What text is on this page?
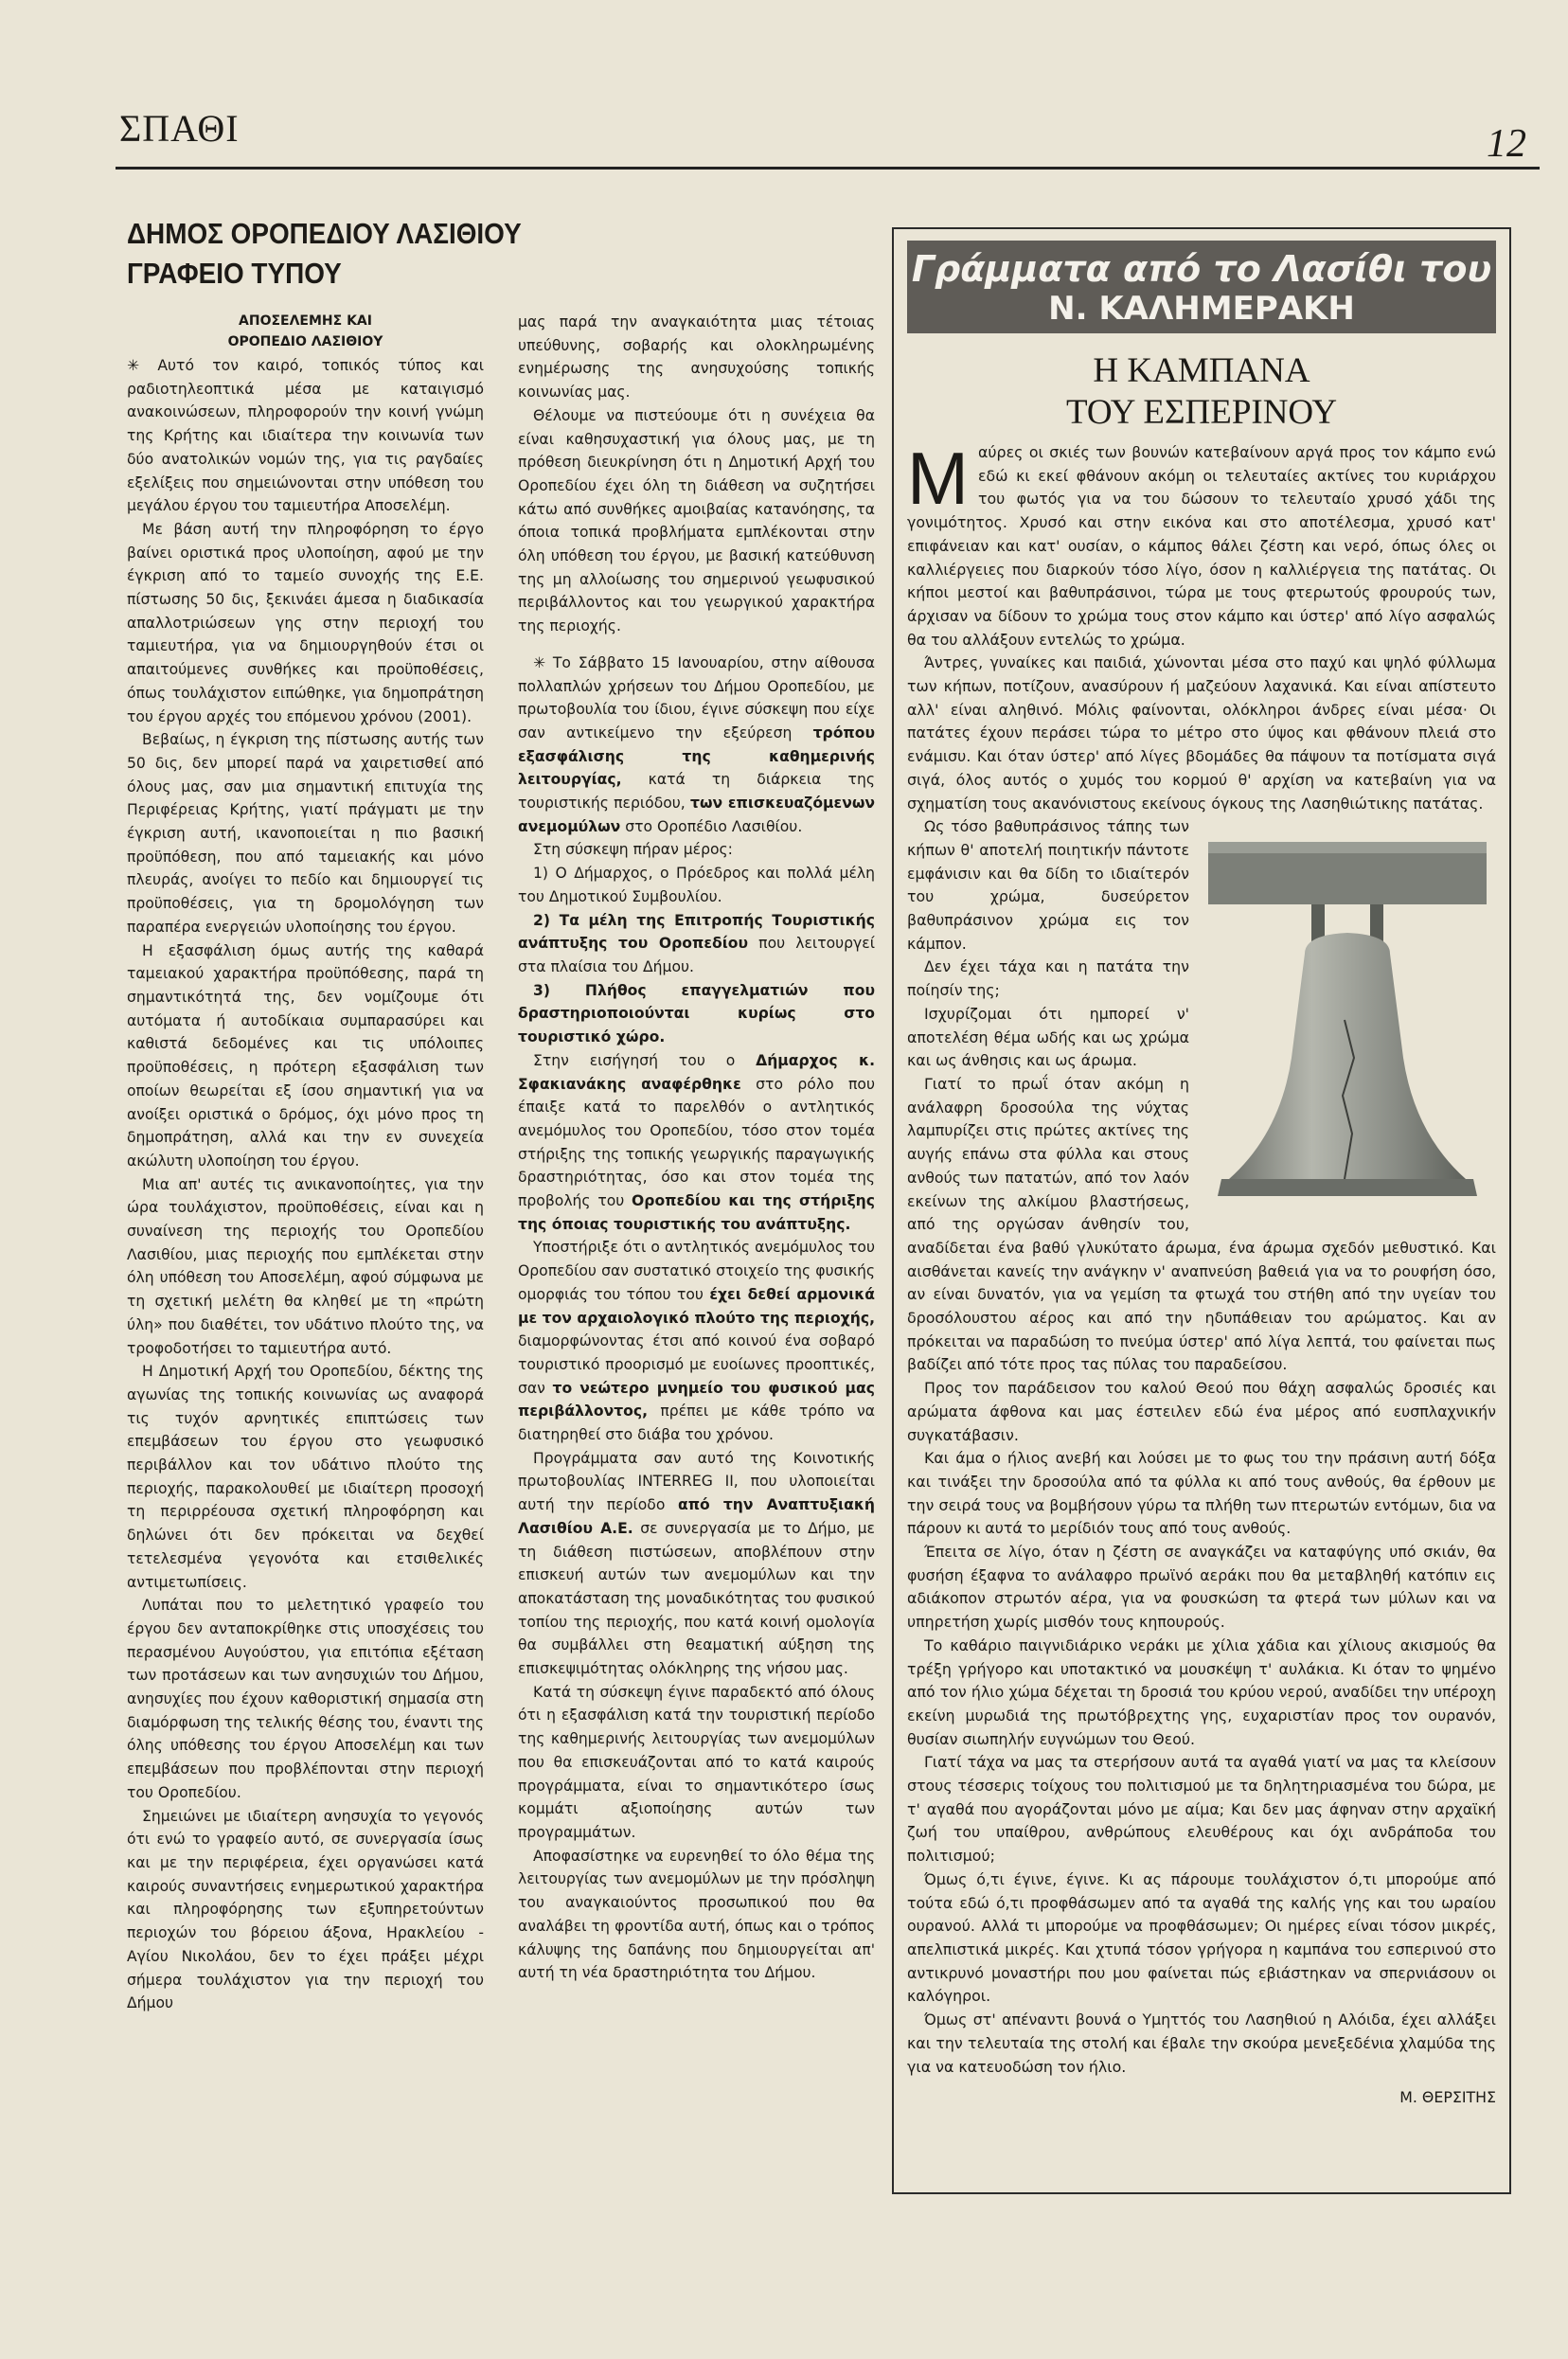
ΣΠΑΘΙ	12
ΔΗΜΟΣ ΟΡΟΠΕΔΙΟΥ ΛΑΣΙΘΙΟΥ
ΓΡΑΦΕΙΟ ΤΥΠΟΥ
ΑΠΟΣΕΛΕΜΗΣ ΚΑΙ
ΟΡΟΠΕΔΙΟ ΛΑΣΙΘΙΟΥ

✳ Αυτό τον καιρό, τοπικός τύπος και ραδιοτηλεοπτικά μέσα με καταιγισμό ανακοινώσεων, πληροφορούν την κοινή γνώμη της Κρήτης και ιδιαίτερα την κοινωνία των δύο ανατολικών νομών της, για τις ραγδαίες εξελίξεις που σημειώνονται στην υπόθεση του μεγάλου έργου του ταμιευτήρα Αποσελέμη.

Με βάση αυτή την πληροφόρηση το έργο βαίνει οριστικά προς υλοποίηση, αφού με την έγκριση από το ταμείο συνοχής της Ε.Ε. πίστωσης 50 δις, ξεκινάει άμεσα η διαδικασία απαλλοτριώσεων γης στην περιοχή του ταμιευτήρα, για να δημιουργηθούν έτσι οι απαιτούμενες συνθήκες και προϋποθέσεις, όπως τουλάχιστον ειπώθηκε, για δημοπράτηση του έργου αρχές του επόμενου χρόνου (2001).

Βεβαίως, η έγκριση της πίστωσης αυτής των 50 δις, δεν μπορεί παρά να χαιρετισθεί από όλους μας, σαν μια σημαντική επιτυχία της Περιφέρειας Κρήτης, γιατί πράγματι με την έγκριση αυτή, ικανοποιείται η πιο βασική προϋπόθεση, που από ταμειακής και μόνο πλευράς, ανοίγει το πεδίο και δημιουργεί τις προϋποθέσεις, για τη δρομολόγηση των παραπέρα ενεργειών υλοποίησης του έργου.

Η εξασφάλιση όμως αυτής της καθαρά ταμειακού χαρακτήρα προϋπόθεσης, παρά τη σημαντικότητά της, δεν νομίζουμε ότι αυτόματα ή αυτοδίκαια συμπαρασύρει και καθιστά δεδομένες και τις υπόλοιπες προϋποθέσεις, η πρότερη εξασφάλιση των οποίων θεωρείται εξ ίσου σημαντική για να ανοίξει οριστικά ο δρόμος, όχι μόνο προς τη δημοπράτηση, αλλά και την εν συνεχεία ακώλυτη υλοποίηση του έργου.

Μια απ' αυτές τις ανικανοποίητες, για την ώρα τουλάχιστον, προϋποθέσεις, είναι και η συναίνεση της περιοχής του Οροπεδίου Λασιθίου, μιας περιοχής που εμπλέκεται στην όλη υπόθεση του Αποσελέμη, αφού σύμφωνα με τη σχετική μελέτη θα κληθεί με τη «πρώτη ύλη» που διαθέτει, τον υδάτινο πλούτο της, να τροφοδοτήσει το ταμιευτήρα αυτό.

Η Δημοτική Αρχή του Οροπεδίου, δέκτης της αγωνίας της τοπικής κοινωνίας ως αναφορά τις τυχόν αρνητικές επιπτώσεις των επεμβάσεων του έργου στο γεωφυσικό περιβάλλον και τον υδάτινο πλούτο της περιοχής, παρακολουθεί με ιδιαίτερη προσοχή τη περιρρέουσα σχετική πληροφόρηση και δηλώνει ότι δεν πρόκειται να δεχθεί τετελεσμένα γεγονότα και ετσιθελικές αντιμετωπίσεις.

Λυπάται που το μελετητικό γραφείο του έργου δεν ανταποκρίθηκε στις υποσχέσεις του περασμένου Αυγούστου, για επιτόπια εξέταση των προτάσεων και των ανησυχιών του Δήμου, ανησυχίες που έχουν καθοριστική σημασία στη διαμόρφωση της τελικής θέσης του, έναντι της όλης υπόθεσης του έργου Αποσελέμη και των επεμβάσεων που προβλέπονται στην περιοχή του Οροπεδίου.

Σημειώνει με ιδιαίτερη ανησυχία το γεγονός ότι ενώ το γραφείο αυτό, σε συνεργασία ίσως και με την περιφέρεια, έχει οργανώσει κατά καιρούς συναντήσεις ενημερωτικού χαρακτήρα και πληροφόρησης των εξυπηρετούντων περιοχών του βόρειου άξονα, Ηρακλείου - Αγίου Νικολάου, δεν το έχει πράξει μέχρι σήμερα τουλάχιστον για την περιοχή του Δήμου

μας παρά την αναγκαιότητα μιας τέτοιας υπεύθυνης, σοβαρής και ολοκληρωμένης ενημέρωσης της ανησυχούσης τοπικής κοινωνίας μας.

Θέλουμε να πιστεύουμε ότι η συνέχεια θα είναι καθησυχαστική για όλους μας, με τη πρόθεση διευκρίνηση ότι η Δημοτική Αρχή του Οροπεδίου έχει όλη τη διάθεση να συζητήσει κάτω από συνθήκες αμοιβαίας κατανόησης, τα όποια τοπικά προβλήματα εμπλέκονται στην όλη υπόθεση του έργου, με βασική κατεύθυνση της μη αλλοίωσης του σημερινού γεωφυσικού περιβάλλοντος και του γεωργικού χαρακτήρα της περιοχής.

✳ Το Σάββατο 15 Ιανουαρίου, στην αίθουσα πολλαπλών χρήσεων του Δήμου Οροπεδίου, με πρωτοβουλία του ίδιου, έγινε σύσκεψη που είχε σαν αντικείμενο την εξεύρεση τρόπου εξασφάλισης της καθημερινής λειτουργίας, κατά τη διάρκεια της τουριστικής περιόδου, των επισκευαζόμενων ανεμομύλων στο Οροπέδιο Λασιθίου.

Στη σύσκεψη πήραν μέρος:

1) Ο Δήμαρχος, ο Πρόεδρος και πολλά μέλη του Δημοτικού Συμβουλίου.

2) Τα μέλη της Επιτροπής Τουριστικής ανάπτυξης του Οροπεδίου που λειτουργεί στα πλαίσια του Δήμου.

3) Πλήθος επαγγελματιών που δραστηριοποιούνται κυρίως στο τουριστικό χώρο.

Στην εισήγησή του ο Δήμαρχος κ. Σφακιανάκης αναφέρθηκε στο ρόλο που έπαιξε κατά το παρελθόν ο αντλητικός ανεμόμυλος του Οροπεδίου, τόσο στον τομέα στήριξης της τοπικής γεωργικής παραγωγικής δραστηριότητας, όσο και στον τομέα της προβολής του Οροπεδίου και της στήριξης της όποιας τουριστικής του ανάπτυξης.

Υποστήριξε ότι ο αντλητικός ανεμόμυλος του Οροπεδίου σαν συστατικό στοιχείο της φυσικής ομορφιάς του τόπου του έχει δεθεί αρμονικά με τον αρχαιολογικό πλούτο της περιοχής, διαμορφώνοντας έτσι από κοινού ένα σοβαρό τουριστικό προορισμό με ευοίωνες προοπτικές, σαν το νεώτερο μνημείο του φυσικού μας περιβάλλοντος, πρέπει με κάθε τρόπο να διατηρηθεί στο διάβα του χρόνου.

Προγράμματα σαν αυτό της Κοινοτικής πρωτοβουλίας INTERREG II, που υλοποιείται αυτή την περίοδο από την Αναπτυξιακή Λασιθίου Α.Ε. σε συνεργασία με το Δήμο, με τη διάθεση πιστώσεων, αποβλέπουν στην επισκευή αυτών των ανεμομύλων και την αποκατάσταση της μοναδικότητας του φυσικού τοπίου της περιοχής, που κατά κοινή ομολογία θα συμβάλλει στη θεαματική αύξηση της επισκεψιμότητας ολόκληρης της νήσου μας.

Κατά τη σύσκεψη έγινε παραδεκτό από όλους ότι η εξασφάλιση κατά την τουριστική περίοδο της καθημερινής λειτουργίας των ανεμομύλων που θα επισκευάζονται από το κατά καιρούς προγράμματα, είναι το σημαντικότερο ίσως κομμάτι αξιοποίησης αυτών των προγραμμάτων.

Αποφασίστηκε να ευρενηθεί το όλο θέμα της λειτουργίας των ανεμομύλων με την πρόσληψη του αναγκαιούντος προσωπικού που θα αναλάβει τη φροντίδα αυτή, όπως και ο τρόπος κάλυψης της δαπάνης που δημιουργείται απ' αυτή τη νέα δραστηριότητα του Δήμου.

Γράμματα από το Λασίθι του
Ν. ΚΑΛΗΜΕΡΑΚΗ
Η ΚΑΜΠΑΝΑ
ΤΟΥ ΕΣΠΕΡΙΝΟΥ

Μαύρες οι σκιές των βουνών κατεβαίνουν αργά προς τον κάμπο ενώ εδώ κι εκεί φθάνουν ακόμη οι τελευταίες ακτίνες του κυριάρχου του φωτός για να του δώσουν το τελευταίο χρυσό χάδι της γονιμότητος. Χρυσό και στην εικόνα και στο αποτέλεσμα, χρυσό κατ' επιφάνειαν και κατ' ουσίαν, ο κάμπος θάλει ζέστη και νερό, όπως όλες οι καλλιέργειες που διαρκούν τόσο λίγο, όσον η καλλιέργεια της πατάτας. Οι κήποι μεστοί και βαθυπράσινοι, τώρα με τους φτερωτούς φρουρούς των, άρχισαν να δίδουν το χρώμα τους στον κάμπο και ύστερ' από λίγο ασφαλώς θα του αλλάξουν εντελώς το χρώμα.

Άντρες, γυναίκες και παιδιά, χώνονται μέσα στο παχύ και ψηλό φύλλωμα των κήπων, ποτίζουν, ανασύρουν ή μαζεύουν λαχανικά. Και είναι απίστευτο αλλ' είναι αληθινό. Μόλις φαίνονται, ολόκληροι άνδρες είναι μέσα· Οι πατάτες έχουν περάσει τώρα το μέτρο στο ύψος και φθάνουν πλειά στο ενάμισυ. Και όταν ύστερ' από λίγες βδομάδες θα πάψουν τα ποτίσματα σιγά σιγά, όλος αυτός ο χυμός του κορμού θ' αρχίση να κατεβαίνη για να σχηματίση τους ακανόνιστους εκείνους όγκους της Λασηθιώτικης πατάτας.

Ως τόσο βαθυπράσινος τάπης των κήπων θ' αποτελή ποιητικήν πάντοτε εμφάνισιν και θα δίδη το ιδιαίτερόν του χρώμα, δυσεύρετον βαθυπράσινον χρώμα εις τον κάμπον.

Δεν έχει τάχα και η πατάτα την ποίησίν της;

Ισχυρίζομαι ότι ημπορεί ν' αποτελέση θέμα ωδής και ως χρώμα και ως άνθησις και ως άρωμα.

Γιατί το πρωΐ όταν ακόμη η ανάλαφρη δροσούλα της νύχτας λαμπυρίζει στις πρώτες ακτίνες της αυγής επάνω στα φύλλα και στους ανθούς των πατατών, από τον λαόν εκείνων της αλκίμου βλαστήσεως, από της οργώσαν άνθησίν του, αναδίδεται ένα βαθύ γλυκύτατο άρωμα, ένα άρωμα σχεδόν μεθυστικό. Και αισθάνεται κανείς την ανάγκην ν' αναπνεύση βαθειά για να το ρουφήση όσο, αν είναι δυνατόν, για να γεμίση τα φτωχά του στήθη από την υγείαν του δροσόλουστου αέρος και από την ηδυπάθειαν του αρώματος. Και αν πρόκειται να παραδώση το πνεύμα ύστερ' από λίγα λεπτά, του φαίνεται πως βαδίζει από τότε προς τας πύλας του παραδείσου.

Προς τον παράδεισον του καλού Θεού που θάχη ασφαλώς δροσιές και αρώματα άφθονα και μας έστειλεν εδώ ένα μέρος από ευσπλαχνικήν συγκατάβασιν.

Και άμα ο ήλιος ανεβή και λούσει με το φως του την πράσινη αυτή δόξα και τινάξει την δροσούλα από τα φύλλα κι από τους ανθούς, θα έρθουν με την σειρά τους να βομβήσουν γύρω τα πλήθη των πτερωτών εντόμων, δια να πάρουν κι αυτά το μερίδιόν τους από τους ανθούς.

Έπειτα σε λίγο, όταν η ζέστη σε αναγκάζει να καταφύγης υπό σκιάν, θα φυσήση έξαφνα το ανάλαφρο πρωϊνό αεράκι που θα μεταβληθή κατόπιν εις αδιάκοπον στρωτόν αέρα, για να φουσκώση τα φτερά των μύλων και να υπηρετήση χωρίς μισθόν τους κηπουρούς.

Το καθάριο παιγνιδιάρικο νεράκι με χίλια χάδια και χίλιους ακισμούς θα τρέξη γρήγορο και υποτακτικό να μουσκέψη τ' αυλάκια. Κι όταν το ψημένο από τον ήλιο χώμα δέχεται τη δροσιά του κρύου νερού, αναδίδει την υπέροχη εκείνη μυρωδιά της πρωτόβρεχτης γης, ευχαριστίαν προς τον ουρανόν, θυσίαν σιωπηλήν ευγνώμων του Θεού.

Γιατί τάχα να μας τα στερήσουν αυτά τα αγαθά γιατί να μας τα κλείσουν στους τέσσερις τοίχους του πολιτισμού με τα δηλητηριασμένα του δώρα, με τ' αγαθά που αγοράζονται μόνο με αίμα; Και δεν μας άφηναν στην αρχαϊκή ζωή του υπαίθρου, ανθρώπους ελευθέρους και όχι ανδράποδα του πολιτισμού;

Όμως ό,τι έγινε, έγινε. Κι ας πάρουμε τουλάχιστον ό,τι μπορούμε από τούτα εδώ ό,τι προφθάσωμεν από τα αγαθά της καλής γης και του ωραίου ουρανού. Αλλά τι μπορούμε να προφθάσωμεν; Οι ημέρες είναι τόσον μικρές, απελπιστικά μικρές. Και χτυπά τόσον γρήγορα η καμπάνα του εσπερινού στο αντικρυνό μοναστήρι που μου φαίνεται πώς εβιάστηκαν να σπερνιάσουν οι καλόγηροι.

Όμως στ' απέναντι βουνά ο Υμηττός του Λασηθιού η Αλόιδα, έχει αλλάξει και την τελευταία της στολή και έβαλε την σκούρα μενεξεδένια χλαμύδα της για να κατευοδώση τον ήλιο.

Μ. ΘΕΡΣΙΤΗΣ
